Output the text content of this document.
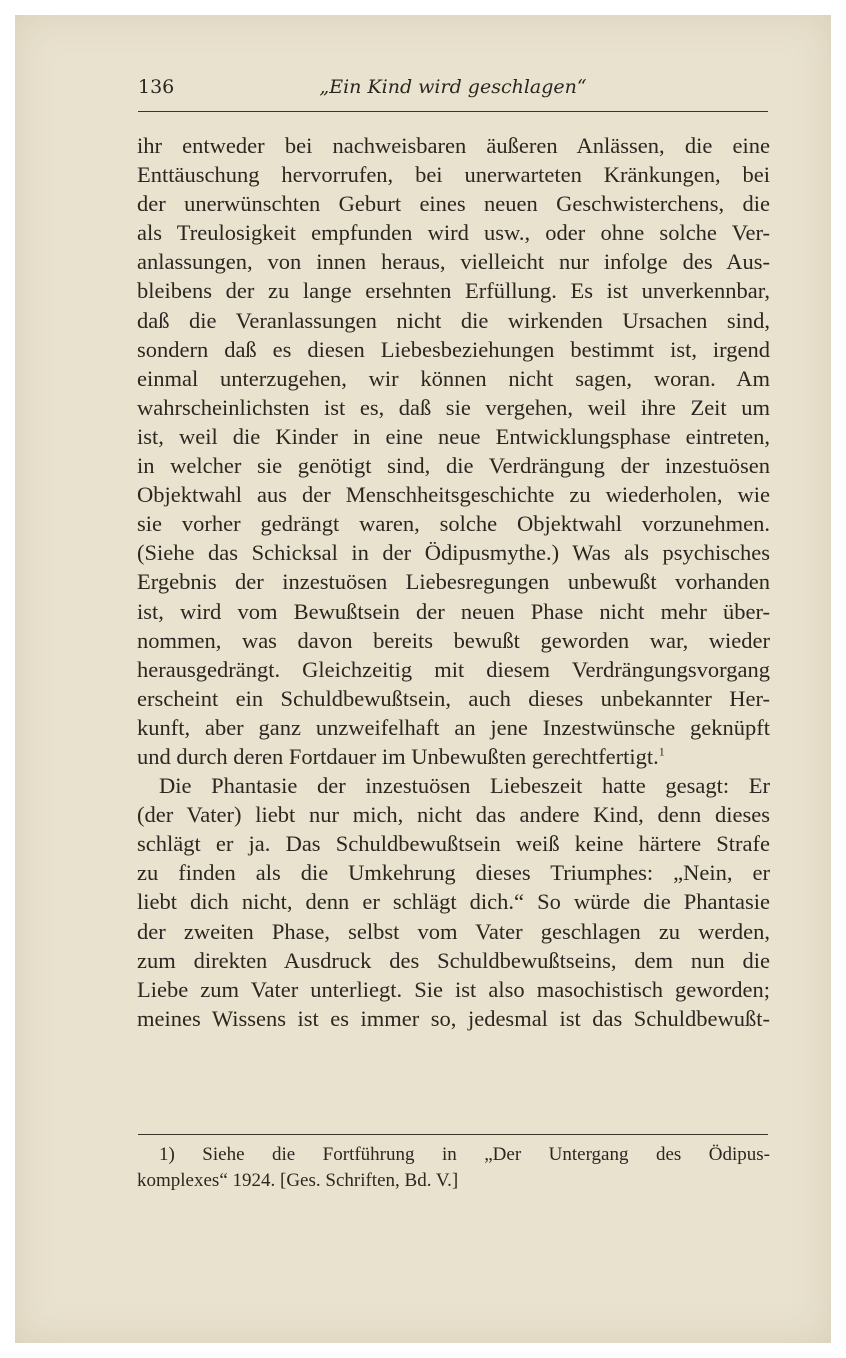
136	„Ein Kind wird geschlagen“
ihr entweder bei nachweisbaren äußeren Anlässen, die eine
Enttäuschung hervorrufen, bei unerwarteten Kränkungen, bei
der unerwünschten Geburt eines neuen Geschwisterchens, die
als Treulosigkeit empfunden wird usw., oder ohne solche Ver-
anlassungen, von innen heraus, vielleicht nur infolge des Aus-
bleibens der zu lange ersehnten Erfüllung. Es ist unverkennbar,
daß die Veranlassungen nicht die wirkenden Ursachen sind,
sondern daß es diesen Liebesbeziehungen bestimmt ist, irgend
einmal unterzugehen, wir können nicht sagen, woran. Am
wahrscheinlichsten ist es, daß sie vergehen, weil ihre Zeit um
ist, weil die Kinder in eine neue Entwicklungsphase eintreten,
in welcher sie genötigt sind, die Verdrängung der inzestuösen
Objektwahl aus der Menschheitsgeschichte zu wiederholen, wie
sie vorher gedrängt waren, solche Objektwahl vorzunehmen.
(Siehe das Schicksal in der Ödipusmythe.) Was als psychisches
Ergebnis der inzestuösen Liebesregungen unbewußt vorhanden
ist, wird vom Bewußtsein der neuen Phase nicht mehr über-
nommen, was davon bereits bewußt geworden war, wieder
herausgedrängt. Gleichzeitig mit diesem Verdrängungsvorgang
erscheint ein Schuldbewußtsein, auch dieses unbekannter Her-
kunft, aber ganz unzweifelhaft an jene Inzestwünsche geknüpft
und durch deren Fortdauer im Unbewußten gerechtfertigt.$^1$
Die Phantasie der inzestuösen Liebeszeit hatte gesagt: Er
(der Vater) liebt nur mich, nicht das andere Kind, denn dieses
schlägt er ja. Das Schuldbewußtsein weiß keine härtere Strafe
zu finden als die Umkehrung dieses Triumphes: „Nein, er
liebt dich nicht, denn er schlägt dich.“ So würde die Phantasie
der zweiten Phase, selbst vom Vater geschlagen zu werden,
zum direkten Ausdruck des Schuldbewußtseins, dem nun die
Liebe zum Vater unterliegt. Sie ist also masochistisch geworden;
meines Wissens ist es immer so, jedesmal ist das Schuldbewußt-
1) Siehe die Fortführung in „Der Untergang des Ödipus-
komplexes“ 1924. [Ges. Schriften, Bd. V.]
